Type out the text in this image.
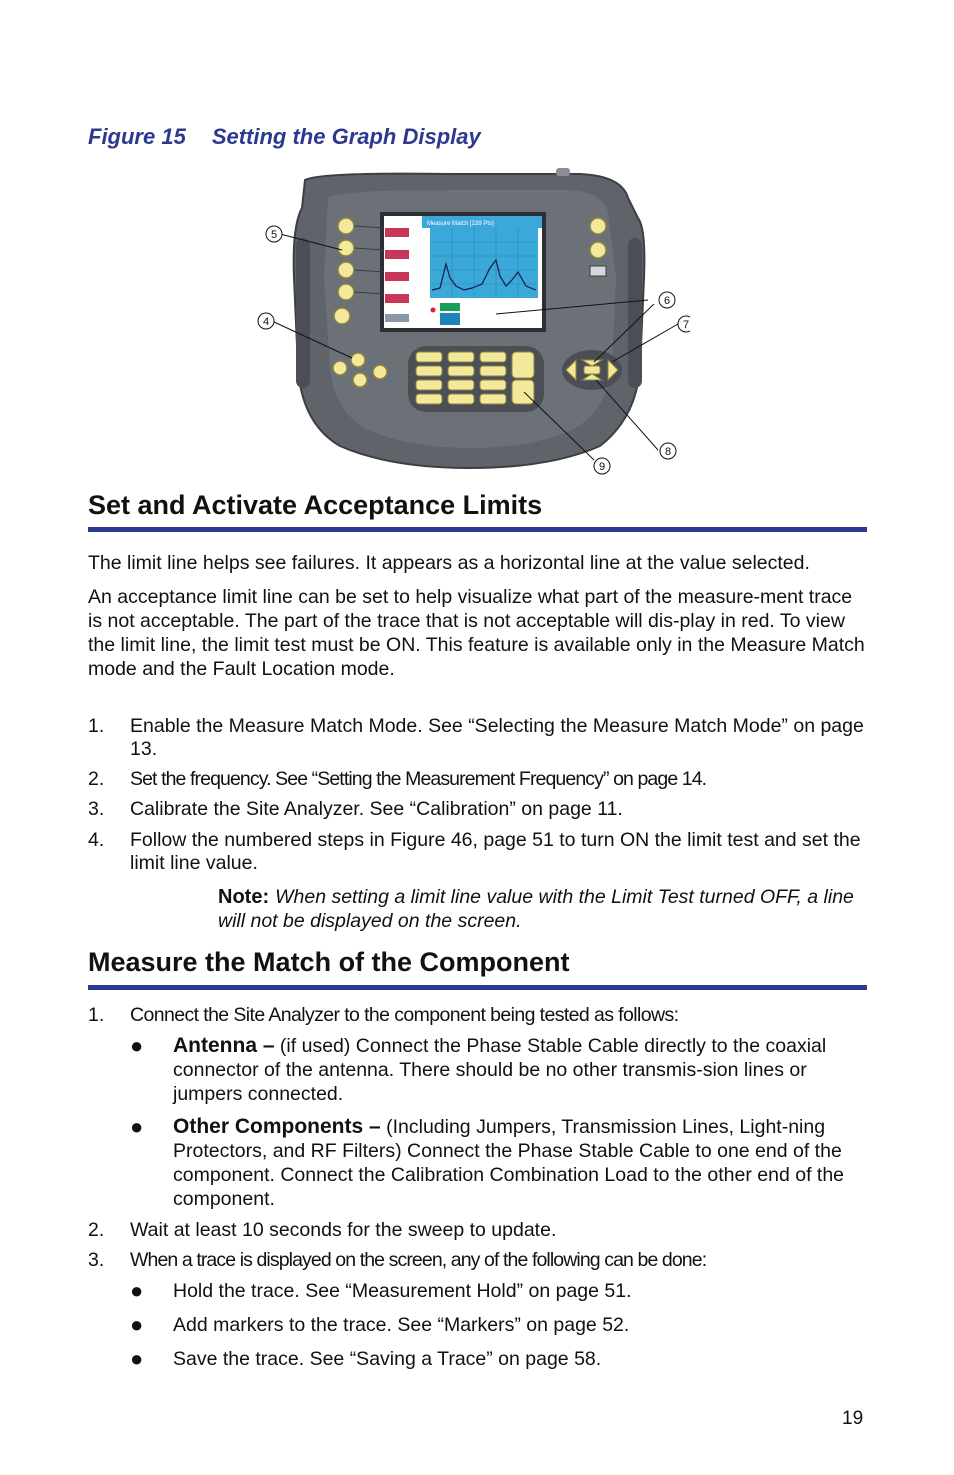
Figure 15 Setting the Graph Display
Measure Match [239 Pts]
5
4
6
7
8
9
Set and Activate Acceptance Limits

The limit line helps see failures. It appears as a horizontal line at the value selected.

An acceptance limit line can be set to help visualize what part of the measure-ment trace is not acceptable. The part of the trace that is not acceptable will dis-play in red. To view the limit line, the limit test must be ON. This feature is available only in the Measure Match mode and the Fault Location mode.

1. Enable the Measure Match Mode. See “Selecting the Measure Match Mode” on page 13.
2. Set the frequency. See “Setting the Measurement Frequency” on page 14.
3. Calibrate the Site Analyzer. See “Calibration” on page 11.
4. Follow the numbered steps in Figure 46, page 51 to turn ON the limit test and set the limit line value.
Note: When setting a limit line value with the Limit Test turned OFF, a line will not be displayed on the screen.
Measure the Match of the Component
1. Connect the Site Analyzer to the component being tested as follows:
● Antenna – (if used) Connect the Phase Stable Cable directly to the coaxial connector of the antenna. There should be no other transmis-sion lines or jumpers connected.
● Other Components – (Including Jumpers, Transmission Lines, Light-ning Protectors, and RF Filters) Connect the Phase Stable Cable to one end of the component. Connect the Calibration Combination Load to the other end of the component.
2. Wait at least 10 seconds for the sweep to update.
3. When a trace is displayed on the screen, any of the following can be done:
● Hold the trace. See “Measurement Hold” on page 51.
● Add markers to the trace. See “Markers” on page 52.
● Save the trace. See “Saving a Trace” on page 58.
19
